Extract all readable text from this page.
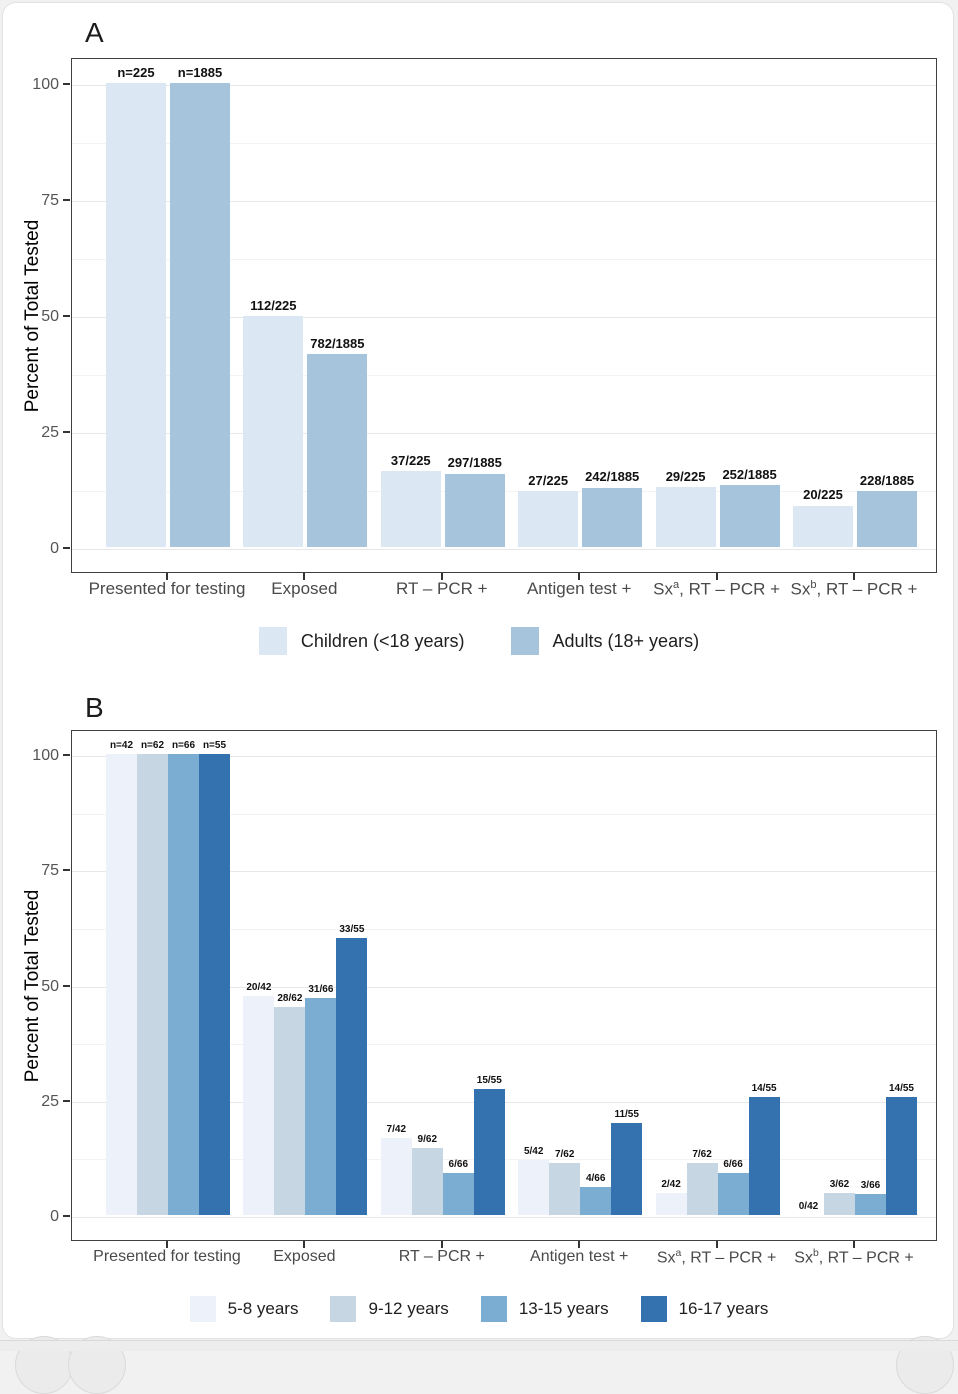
A
Percent of Total Tested
n=225 n=1885
112/225
782/1885
37/225 297/1885
27/225 242/1885 29/225 252/1885
20/225
228/1885
0
25
50
75
100
Presented for testing	Exposed	RT – PCR +	Antigen test +	$Sx^a$, RT – PCR + $Sx^b$, RT – PCR +
Children (<18 years)	Adults (18+ years)
B
Percent of Total Tested
n=42 n=62 n=66 n=55
20/42
28/62
31/66
33/55
7/42
9/62
6/66
15/55
5/42 7/62
4/66
11/55
2/42
7/62
6/66
14/55
0/42
3/62 3/66
14/55
0
25
50
75
100
Presented for testing	Exposed	RT – PCR +	Antigen test +	$Sx^a$, RT – PCR +	$Sx^b$, RT – PCR +
5-8 years	9-12 years	13-15 years	16-17 years
